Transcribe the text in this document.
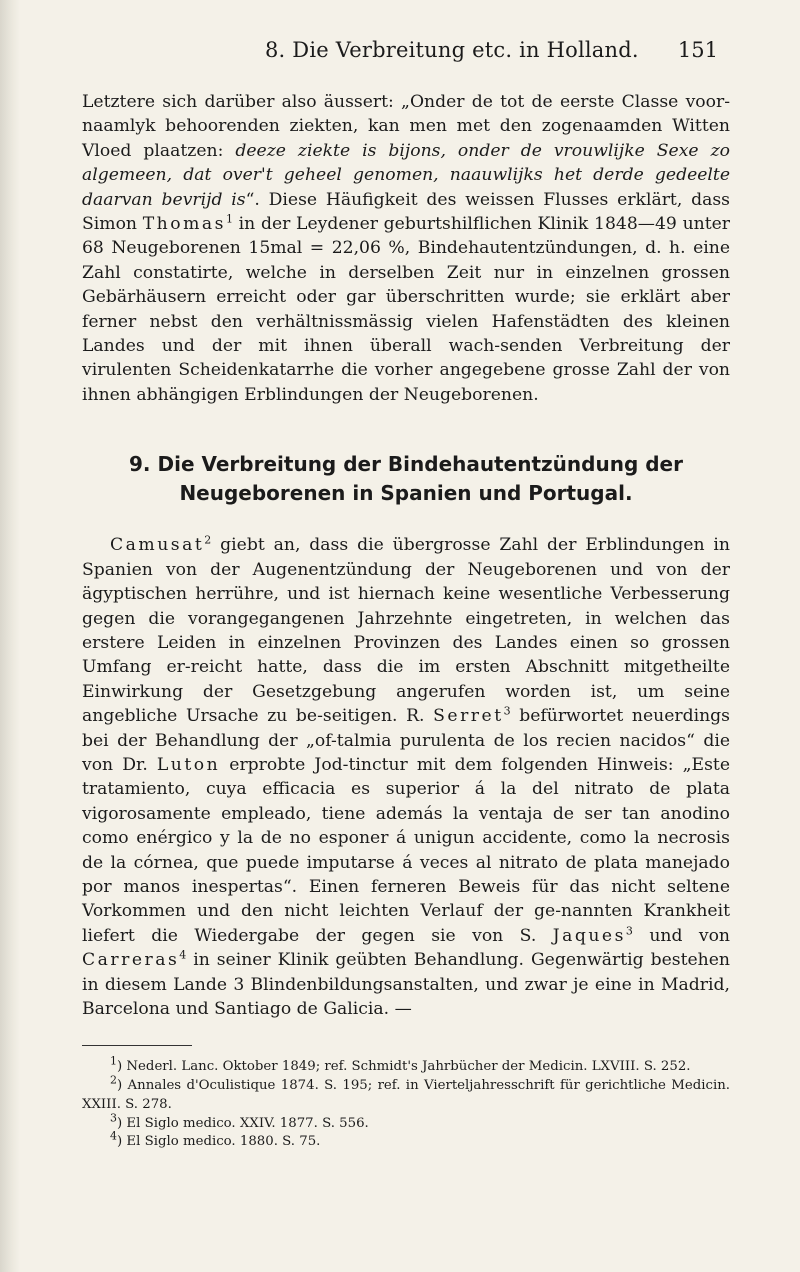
8. Die Verbreitung etc. in Holland. 151

Letztere sich darüber also äussert: „Onder de tot de eerste Classe voor-naamlyk behoorenden ziekten, kan men met den zogenaamden Witten Vloed plaatzen: deeze ziekte is bijons, onder de vrouwlijke Sexe zo algemeen, dat over't geheel genomen, naauwlijks het derde gedeelte daarvan bevrijd is“. Diese Häufigkeit des weissen Flusses erklärt, dass Simon Thomas$^1$ in der Leydener geburtshilflichen Klinik 1848—49 unter 68 Neugeborenen 15mal = 22,06 %, Bindehautentzündungen, d. h. eine Zahl constatirte, welche in derselben Zeit nur in einzelnen grossen Gebärhäusern erreicht oder gar überschritten wurde; sie erklärt aber ferner nebst den verhältnissmässig vielen Hafenstädten des kleinen Landes und der mit ihnen überall wach-senden Verbreitung der virulenten Scheidenkatarrhe die vorher angegebene grosse Zahl der von ihnen abhängigen Erblindungen der Neugeborenen.

9. Die Verbreitung der Bindehautentzündung der Neugeborenen in Spanien und Portugal.

Camusat$^2$ giebt an, dass die übergrosse Zahl der Erblindungen in Spanien von der Augenentzündung der Neugeborenen und von der ägyptischen herrühre, und ist hiernach keine wesentliche Verbesserung gegen die vorangegangenen Jahrzehnte eingetreten, in welchen das erstere Leiden in einzelnen Provinzen des Landes einen so grossen Umfang er-reicht hatte, dass die im ersten Abschnitt mitgetheilte Einwirkung der Gesetzgebung angerufen worden ist, um seine angebliche Ursache zu be-seitigen. R. Serret$^3$ befürwortet neuerdings bei der Behandlung der „of-talmia purulenta de los recien nacidos“ die von Dr. Luton erprobte Jod-tinctur mit dem folgenden Hinweis: „Este tratamiento, cuya efficacia es superior á la del nitrato de plata vigorosamente empleado, tiene además la ventaja de ser tan anodino como enérgico y la de no esponer á unigun accidente, como la necrosis de la córnea, que puede imputarse á veces al nitrato de plata manejado por manos inespertas“. Einen ferneren Beweis für das nicht seltene Vorkommen und den nicht leichten Verlauf der ge-nannten Krankheit liefert die Wiedergabe der gegen sie von S. Jaques$^3$ und von Carreras$^4$ in seiner Klinik geübten Behandlung. Gegenwärtig bestehen in diesem Lande 3 Blindenbildungsanstalten, und zwar je eine in Madrid, Barcelona und Santiago de Galicia. —

$^1$) Nederl. Lanc. Oktober 1849; ref. Schmidt's Jahrbücher der Medicin. LXVIII. S. 252.

$^2$) Annales d'Oculistique 1874. S. 195; ref. in Vierteljahresschrift für gerichtliche Medicin. XXIII. S. 278.

$^3$) El Siglo medico. XXIV. 1877. S. 556.

$^4$) El Siglo medico. 1880. S. 75.
